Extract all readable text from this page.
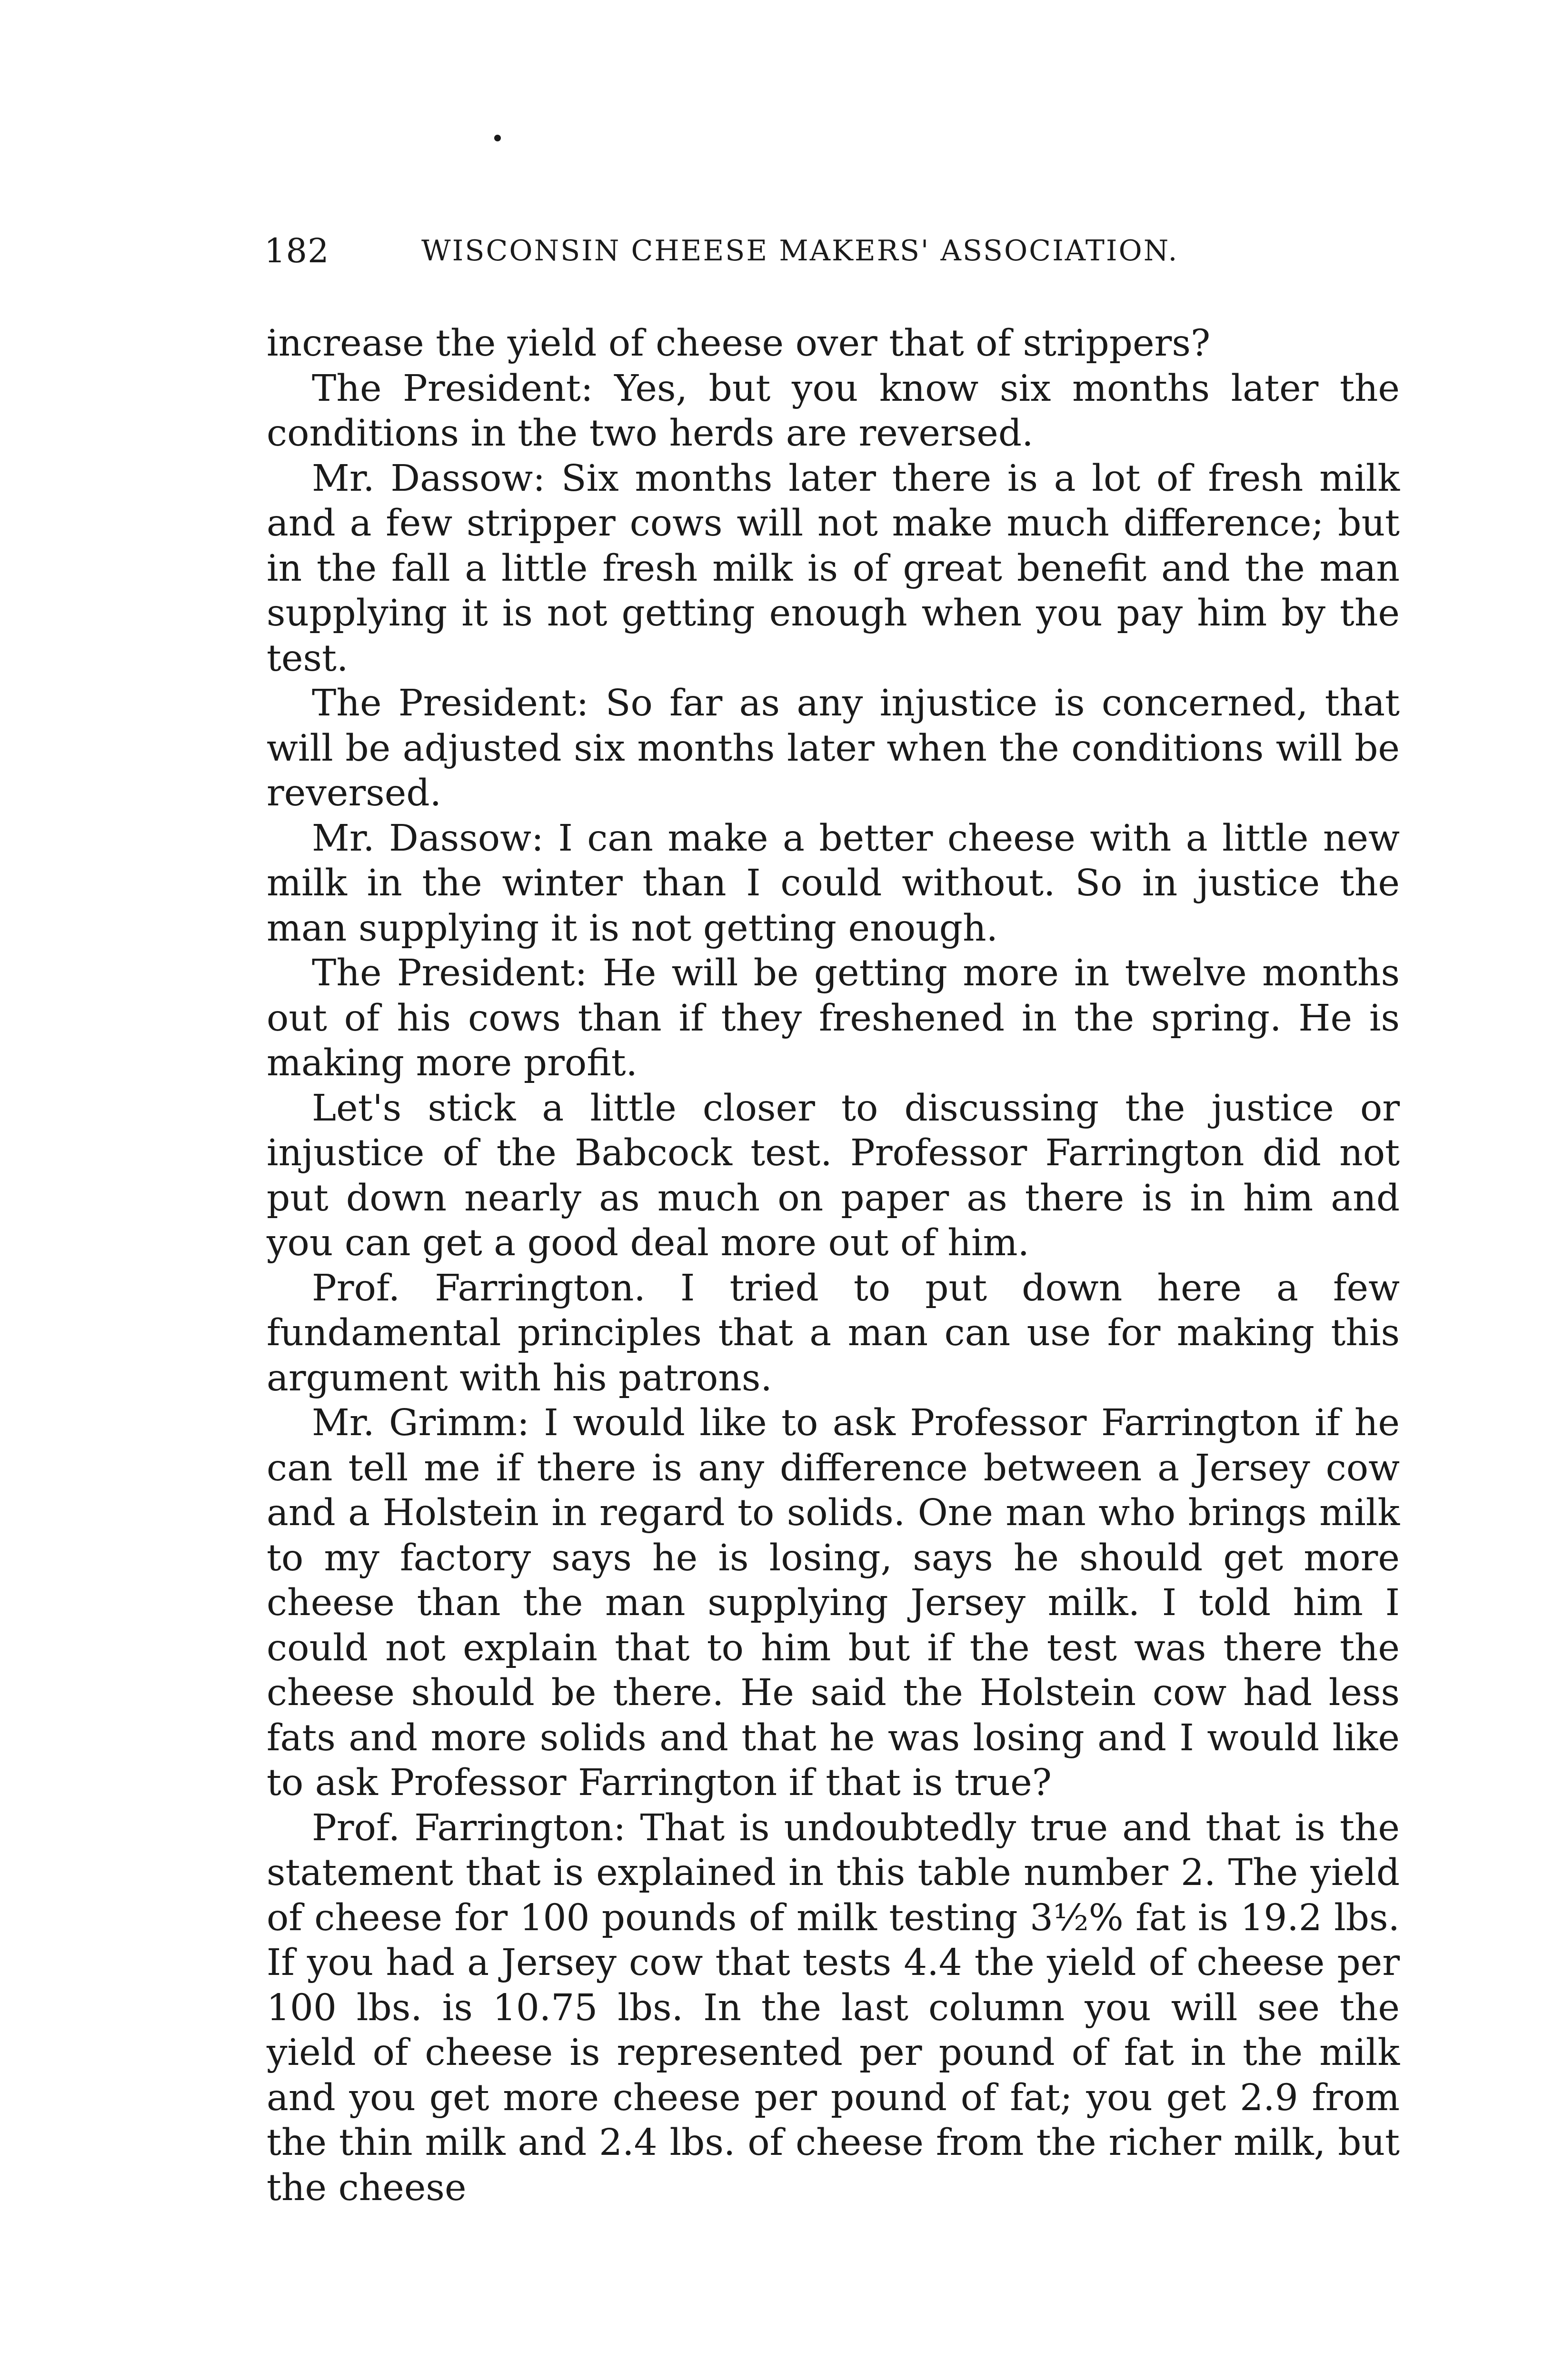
182	WISCONSIN CHEESE MAKERS' ASSOCIATION.

increase the yield of cheese over that of strippers?

The President: Yes, but you know six months later the conditions in the two herds are reversed.

Mr. Dassow: Six months later there is a lot of fresh milk and a few stripper cows will not make much difference; but in the fall a little fresh milk is of great benefit and the man supplying it is not getting enough when you pay him by the test.

The President: So far as any injustice is concerned, that will be adjusted six months later when the conditions will be reversed.

Mr. Dassow: I can make a better cheese with a little new milk in the winter than I could without. So in justice the man supplying it is not getting enough.

The President: He will be getting more in twelve months out of his cows than if they freshened in the spring. He is making more profit.

Let's stick a little closer to discussing the justice or injustice of the Babcock test. Professor Farrington did not put down nearly as much on paper as there is in him and you can get a good deal more out of him.

Prof. Farrington. I tried to put down here a few fundamental principles that a man can use for making this argument with his patrons.

Mr. Grimm: I would like to ask Professor Farrington if he can tell me if there is any difference between a Jersey cow and a Holstein in regard to solids. One man who brings milk to my factory says he is losing, says he should get more cheese than the man supplying Jersey milk. I told him I could not explain that to him but if the test was there the cheese should be there. He said the Holstein cow had less fats and more solids and that he was losing and I would like to ask Professor Farrington if that is true?

Prof. Farrington: That is undoubtedly true and that is the statement that is explained in this table number 2. The yield of cheese for 100 pounds of milk testing 3½% fat is 19.2 lbs. If you had a Jersey cow that tests 4.4 the yield of cheese per 100 lbs. is 10.75 lbs. In the last column you will see the yield of cheese is represented per pound of fat in the milk and you get more cheese per pound of fat; you get 2.9 from the thin milk and 2.4 lbs. of cheese from the richer milk, but the cheese
